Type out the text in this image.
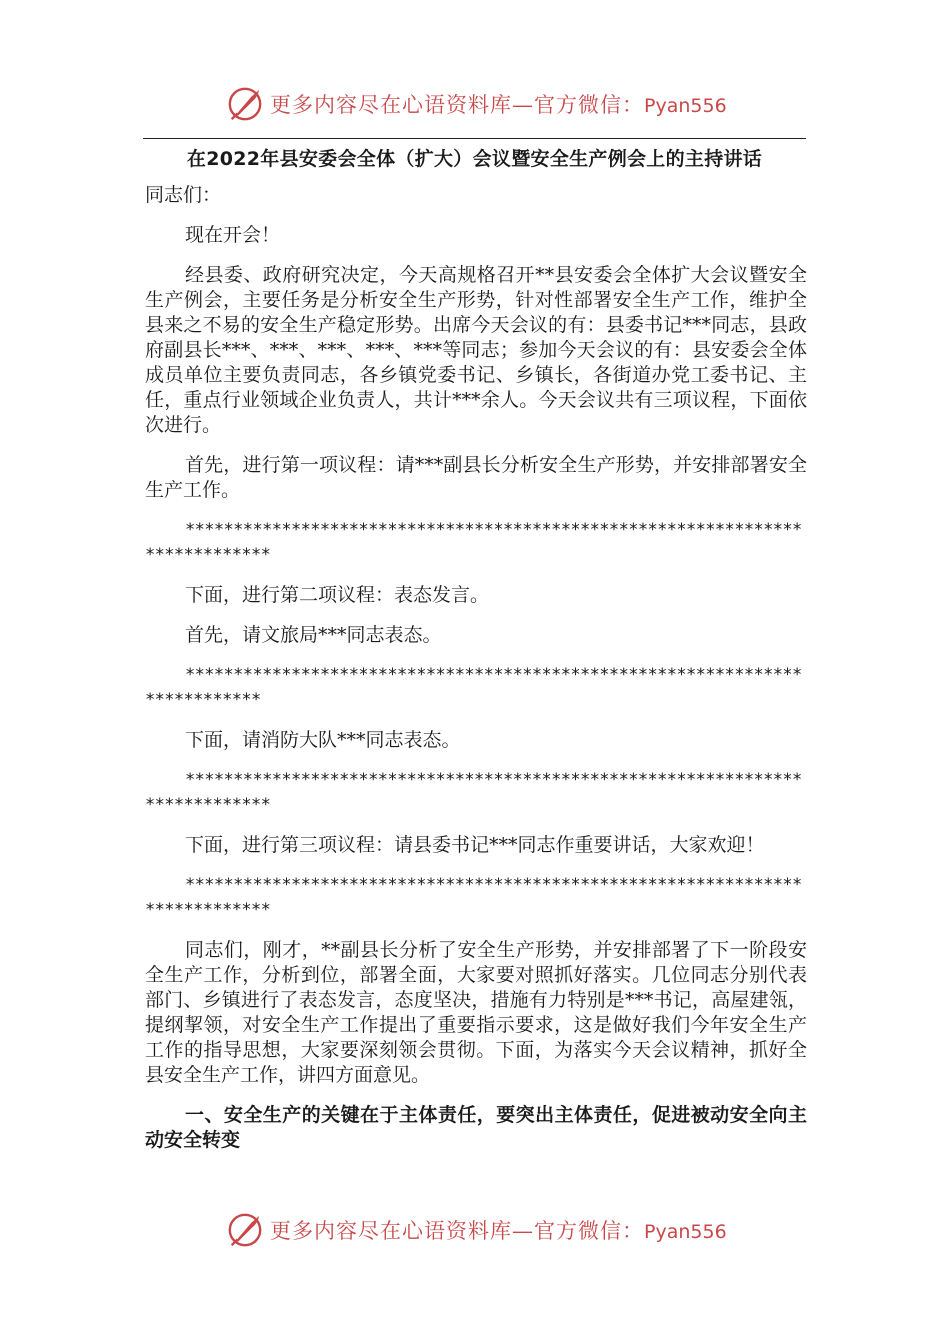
更多内容尽在心语资料库—官方微信：Pyan556
在2022年县安委会全体（扩大）会议暨安全生产例会上的主持讲话

同志们：

现在开会！

经县委、政府研究决定，今天高规格召开**县安委会全体扩大会议暨安全生产例会，主要任务是分析安全生产形势，针对性部署安全生产工作，维护全县来之不易的安全生产稳定形势。出席今天会议的有：县委书记***同志，县政府副县长***、***、***、***、***等同志；参加今天会议的有：县安委会全体成员单位主要负责同志，各乡镇党委书记、乡镇长，各街道办党工委书记、主任，重点行业领域企业负责人，共计***余人。今天会议共有三项议程，下面依次进行。

首先，进行第一项议程：请***副县长分析安全生产形势，并安排部署安全生产工作。

*****************************************************************************

下面，进行第二项议程：表态发言。

首先，请文旅局***同志表态。

****************************************************************************

下面，请消防大队***同志表态。

*****************************************************************************

下面，进行第三项议程：请县委书记***同志作重要讲话，大家欢迎！

*****************************************************************************

同志们，刚才，**副县长分析了安全生产形势，并安排部署了下一阶段安全生产工作，分析到位，部署全面，大家要对照抓好落实。几位同志分别代表部门、乡镇进行了表态发言，态度坚决，措施有力特别是***书记，高屋建瓴，提纲挈领，对安全生产工作提出了重要指示要求，这是做好我们今年安全生产工作的指导思想，大家要深刻领会贯彻。下面，为落实今天会议精神，抓好全县安全生产工作，讲四方面意见。

一、安全生产的关键在于主体责任，要突出主体责任，促进被动安全向主动安全转变

更多内容尽在心语资料库—官方微信：Pyan556
